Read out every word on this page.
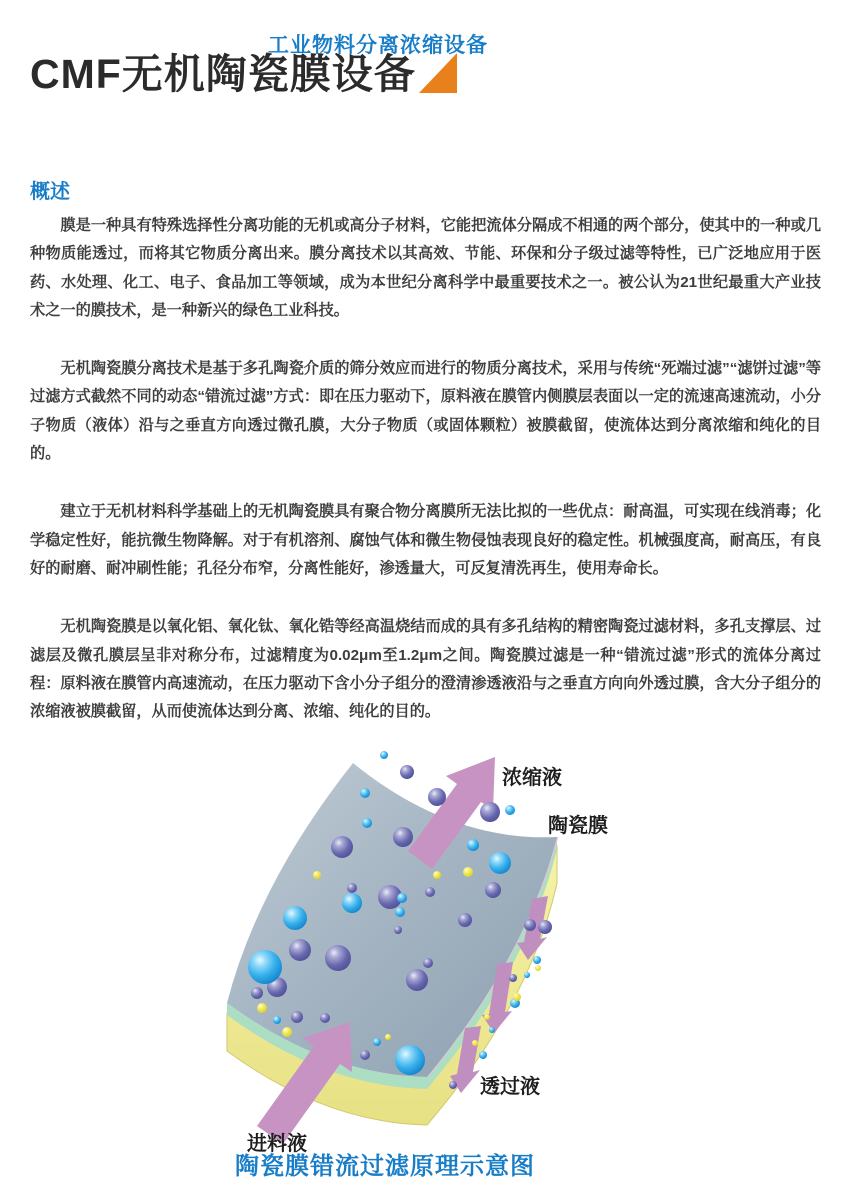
工业物料分离浓缩设备
CMF无机陶瓷膜设备
概述

膜是一种具有特殊选择性分离功能的无机或高分子材料，它能把流体分隔成不相通的两个部分，使其中的一种或几种物质能透过，而将其它物质分离出来。膜分离技术以其高效、节能、环保和分子级过滤等特性，已广泛地应用于医药、水处理、化工、电子、食品加工等领域，成为本世纪分离科学中最重要技术之一。被公认为21世纪最重大产业技术之一的膜技术，是一种新兴的绿色工业科技。

无机陶瓷膜分离技术是基于多孔陶瓷介质的筛分效应而进行的物质分离技术，采用与传统“死端过滤”“滤饼过滤”等过滤方式截然不同的动态“错流过滤”方式：即在压力驱动下，原料液在膜管内侧膜层表面以一定的流速高速流动，小分子物质（液体）沿与之垂直方向透过微孔膜，大分子物质（或固体颗粒）被膜截留，使流体达到分离浓缩和纯化的目的。

建立于无机材料科学基础上的无机陶瓷膜具有聚合物分离膜所无法比拟的一些优点：耐高温，可实现在线消毒；化学稳定性好，能抗微生物降解。对于有机溶剂、腐蚀气体和微生物侵蚀表现良好的稳定性。机械强度高，耐高压，有良好的耐磨、耐冲刷性能；孔径分布窄，分离性能好，渗透量大，可反复清洗再生，使用寿命长。

无机陶瓷膜是以氧化铝、氧化钛、氧化锆等经高温烧结而成的具有多孔结构的精密陶瓷过滤材料，多孔支撑层、过滤层及微孔膜层呈非对称分布，过滤精度为0.02μm至1.2μm之间。陶瓷膜过滤是一种“错流过滤”形式的流体分离过程：原料液在膜管内高速流动，在压力驱动下含小分子组分的澄清渗透液沿与之垂直方向向外透过膜，含大分子组分的浓缩液被膜截留，从而使流体达到分离、浓缩、纯化的目的。

浓缩液
陶瓷膜
透过液
进料液
陶瓷膜错流过滤原理示意图
